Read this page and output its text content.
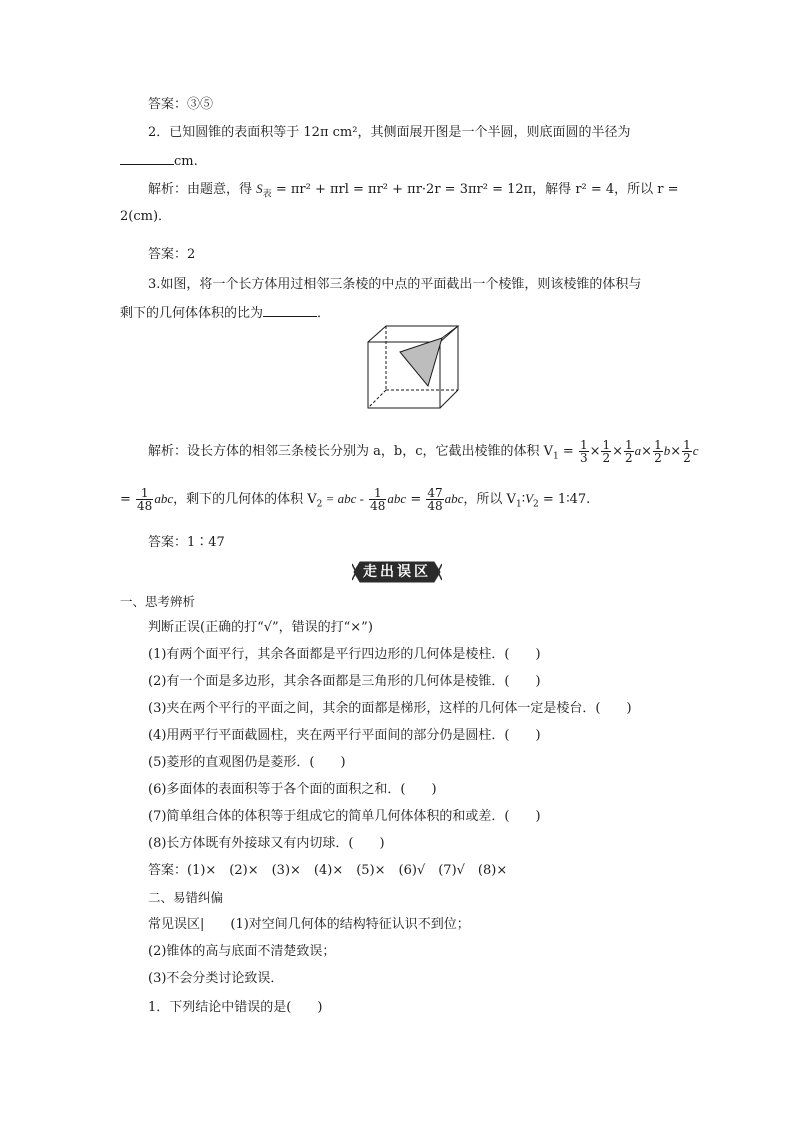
答案：③⑤
2．已知圆锥的表面积等于 12π cm²，其侧面展开图是一个半圆，则底面圆的半径为
cm.
解析：由题意，得 $S_表 = \pi r^2 + \pi rl = \pi r^2 + \pi r\cdot 2r = 3\pi r^2 = 12\pi$，解得 r² = 4，所以 r =
2(cm)．
答案：2
3.如图，将一个长方体用过相邻三条棱的中点的平面截出一个棱锥，则该棱锥的体积与
剩下的几何体体积的比为	．
解析：设长方体的相邻三条棱长分别为 a，b，c，它截出棱锥的体积 $V_1 = \frac{1}{3} \times \frac{1}{2} \times \frac{1}{2} a\times \frac{1}{2} b\times \frac{1}{2}$ c
= $\frac{1}{48}$ abc，剩下的几何体的体积 $V_2$ = abc - $\frac{1}{48}$ abc = $\frac{47}{48}$ abc，所以 $V_1∶V_2$ = 1∶47.
答案：1∶47
走出误区
一、思考辨析
判断正误(正确的打“√”，错误的打“×”)
(1)有两个面平行，其余各面都是平行四边形的几何体是棱柱．(　　)
(2)有一个面是多边形，其余各面都是三角形的几何体是棱锥．(　　)
(3)夹在两个平行的平面之间，其余的面都是梯形，这样的几何体一定是棱台．(　　)
(4)用两平行平面截圆柱，夹在两平行平面间的部分仍是圆柱．(　　)
(5)菱形的直观图仍是菱形．(　　)
(6)多面体的表面积等于各个面的面积之和．(　　)
(7)简单组合体的体积等于组成它的简单几何体体积的和或差．(　　)
(8)长方体既有外接球又有内切球．(　　)
答案：(1)×　(2)×　(3)×　(4)×　(5)×　(6)√　(7)√　(8)×
二、易错纠偏
常见误区|　　(1)对空间几何体的结构特征认识不到位；
(2)锥体的高与底面不清楚致误；
(3)不会分类讨论致误．
1．下列结论中错误的是(　　)
